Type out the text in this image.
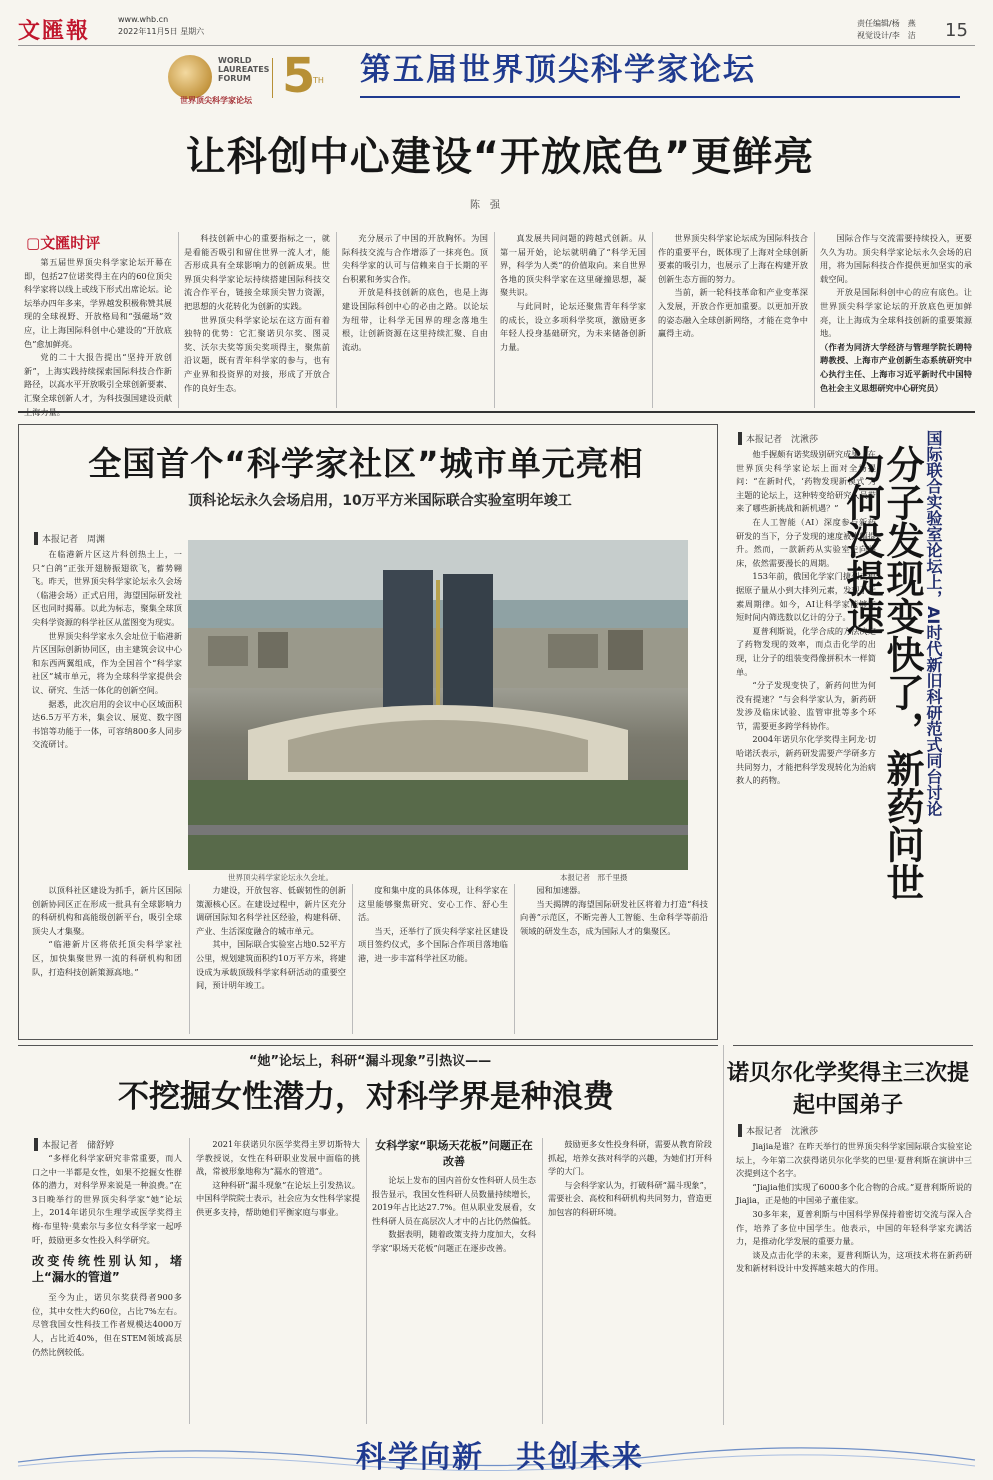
文匯報	www.whb.cn
2022年11月5日 星期六
责任编辑/杨　燕
视觉设计/李　洁 15
WORLD
LAUREATES
FORUM
世界顶尖科学家论坛 5
TH 第五届世界顶尖科学家论坛
让科创中心建设“开放底色”更鲜亮
陈　强
▢文匯时评

第五届世界顶尖科学家论坛开幕在即，包括27位诺奖得主在内的60位顶尖科学家将以线上或线下形式出席论坛。论坛举办四年多来，学界越发积极称赞其展现的全球视野、开放格局和“强磁场”效应，让上海国际科创中心建设的“开放底色”愈加鲜亮。

党的二十大报告提出“坚持开放创新”，上海实践持续探索国际科技合作新路径，以高水平开放吸引全球创新要素、汇聚全球创新人才，为科技强国建设贡献

科技创新中心的重要指标之一，就是看能否吸引和留住世界一流人才，能否形成具有全球影响力的创新成果。世界顶尖科学家论坛持续搭建国际科技交流合作平台，链接全球顶尖智力资源，把思想的火花转化为创新的实践。

世界顶尖科学家论坛在这方面有着独特的优势：它汇聚诺贝尔奖、图灵奖、沃尔夫奖等顶尖奖项得主，聚焦前沿议题，既有青年科学家的参与，也有产业界和投资界的对接，形成了开放合作的良好生态。

充分展示了中国的开放胸怀。为国际科技交流与合作增添了一抹亮色。顶尖科学家的认可与信赖来自于长期的平台积累和务实合作。

开放是科技创新的底色，也是上海建设国际科创中心的必由之路。以论坛为纽带，让科学无国界的理念落地生根，让创新资源在这里持续汇聚、自由流动。

真发展共同问题的跨越式创新。从第一届开始，论坛就明确了“科学无国界，科学为人类”的价值取向。来自世界各地的顶尖科学家在这里碰撞思想，凝聚共识。

与此同时，论坛还聚焦青年科学家的成长，设立多项科学奖项，激励更多年轻人投身基础研究，为未来储备创新力量。

世界顶尖科学家论坛成为国际科技合作的重要平台，既体现了上海对全球创新要素的吸引力，也展示了上海在构建开放创新生态方面的努力。

当前，新一轮科技革命和产业变革深入发展，开放合作更加重要。以更加开放的姿态融入全球创新网络，才能在竞争中赢得主动。

国际合作与交流需要持续投入，更要久久为功。顶尖科学家论坛永久会场的启用，将为国际科技合作提供更加坚实的承载空间。

开放是国际科创中心的应有底色。让世界顶尖科学家论坛的开放底色更加鲜亮，让上海成为全球科技创新的重要策源地。

（作者为同济大学经济与管理学院长聘特聘教授、上海市产业创新生态系统研究中心执行主任、上海市习近平新时代中国特色社会主义思想研究中心研究员）

全国首个“科学家社区”城市单元亮相
顶科论坛永久会场启用，10万平方米国际联合实验室明年竣工
本报记者　周渊

在临港新片区这片科创热土上，一只“白鸽”正张开翅膀振翅欲飞，蓄势翱飞。昨天，世界顶尖科学家论坛永久会场（临港会场）正式启用，海望国际研发社区也同时揭幕。以此为标志，聚集全球顶尖科学资源的科学社区从蓝图变为现实。

世界顶尖科学家永久会址位于临港新片区国际创新协同区，由主建筑会议中心和东西两翼组成，作为全国首个“科学家社区”城市单元，将为全球科学家提供会议、研究、生活一体化的创新空间。

据悉，此次启用的会议中心区域面积达6.5万平方米，集会议、展览、数字图书馆等功能于一体，可容纳800多人同步交流研讨。

世界顶尖科学家论坛永久会址。	本报记者　邢千里摄

以顶科社区建设为抓手，新片区国际创新协同区正在形成一批具有全球影响力的科研机构和高能级创新平台，吸引全球顶尖人才集聚。

“临港新片区将依托顶尖科学家社区，加快集聚世界一流的科研机构和团队，打造科技创新策源高地。”

力建设，开放包容、低碳韧性的创新策源核心区。在建设过程中，新片区充分调研国际知名科学社区经验，构建科研、产业、生活深度融合的城市单元。

其中，国际联合实验室占地0.52平方公里，规划建筑面积约10万平方米，将建设成为承载顶级科学家科研活动的重要空间，预计明年竣工。

度和集中度的具体体现，让科学家在这里能够聚焦研究、安心工作、舒心生活。

当天，还举行了顶尖科学家社区建设项目签约仪式，多个国际合作项目落地临港，进一步丰富科学社区功能。

园和加速器。

当天揭牌的海望国际研发社区将着力打造“科技向善”示范区，不断完善人工智能、生命科学等前沿领域的研发生态，成为国际人才的集聚区。

本报记者　沈湫莎

他手握颇有诺奖级别研究成果，在世界顶尖科学家论坛上面对全场提问：“在新时代，‘药物发现新模式’为主题的论坛上，这种转变给研究人员带来了哪些新挑战和新机遇？”

在人工智能（AI）深度参与新药研发的当下，分子发现的速度被大幅提升。然而，一款新药从实验室走向临床，依然需要漫长的周期。

153年前，俄国化学家门捷列夫根据原子量从小到大排列元素，发现了元素周期律。如今，AI让科学家能够在短时间内筛选数以亿计的分子。

夏普利斯说，化学合成的方法决定了药物发现的效率，而点击化学的出现，让分子的组装变得像拼积木一样简单。

“分子发现变快了，新药问世为何没有提速？”与会科学家认为，新药研发涉及临床试验、监管审批等多个环节，需要更多跨学科协作。

2004年诺贝尔化学奖得主阿龙·切哈诺沃表示，新药研发需要产学研多方共同努力，才能把科学发现转化为治病救人的药物。	国际联合实验室论坛上，AI时代新旧科研范式同台讨论
分子发现变快了，新药问世为何没提速
诺贝尔化学奖得主三次提起中国弟子
本报记者　沈湫莎

Jiajia是谁？在昨天举行的世界顶尖科学家国际联合实验室论坛上，今年第二次获得诺贝尔化学奖的巴里·夏普利斯在演讲中三次提到这个名字。

“Jiajia他们实现了6000多个化合物的合成。”夏普利斯所说的Jiajia，正是他的中国弟子董佳家。

30多年来，夏普利斯与中国科学界保持着密切交流与深入合作，培养了多位中国学生。他表示，中国的年轻科学家充满活力，是推动化学发展的重要力量。

谈及点击化学的未来，夏普利斯认为，这项技术将在新药研发和新材料设计中发挥越来越大的作用。

“她”论坛上，科研“漏斗现象”引热议——
不挖掘女性潜力，对科学界是种浪费
本报记者　储舒婷

“多样化科学家研究非常重要，而人口之中一半都是女性，如果不挖掘女性群体的潜力，对科学界来说是一种浪费。”在3日晚举行的世界顶尖科学家“她”论坛上，2014年诺贝尔生理学或医学奖得主梅-布里特·莫索尔与多位女科学家一起呼吁，鼓励更多女性投入科学研究。

改变传统性别认知，堵上“漏水的管道”

至今为止，诺贝尔奖获得者900多位，其中女性大约60位，占比7%左右。尽管我国女性科技工作者规模达4000万人，占比近40%，但在STEM领域高层仍然比例较低。

2021年获诺贝尔医学奖得主罗切斯特大学教授说，女性在科研职业发展中面临的挑战，常被形象地称为“漏水的管道”。

这种科研“漏斗现象”在论坛上引发热议。中国科学院院士表示，社会应为女性科学家提供更多支持，帮助她们平衡家庭与事业。

女科学家“职场天花板”问题正在改善

论坛上发布的国内首份女性科研人员生态报告显示，我国女性科研人员数量持续增长，2019年占比达27.7%。但从职业发展看，女性科研人员在高层次人才中的占比仍然偏低。

数据表明，随着政策支持力度加大，女科学家“职场天花板”问题正在逐步改善。

鼓励更多女性投身科研，需要从教育阶段抓起，培养女孩对科学的兴趣，为她们打开科学的大门。

与会科学家认为，打破科研“漏斗现象”，需要社会、高校和科研机构共同努力，营造更加包容的科研环境。

科学向新　共创未来
